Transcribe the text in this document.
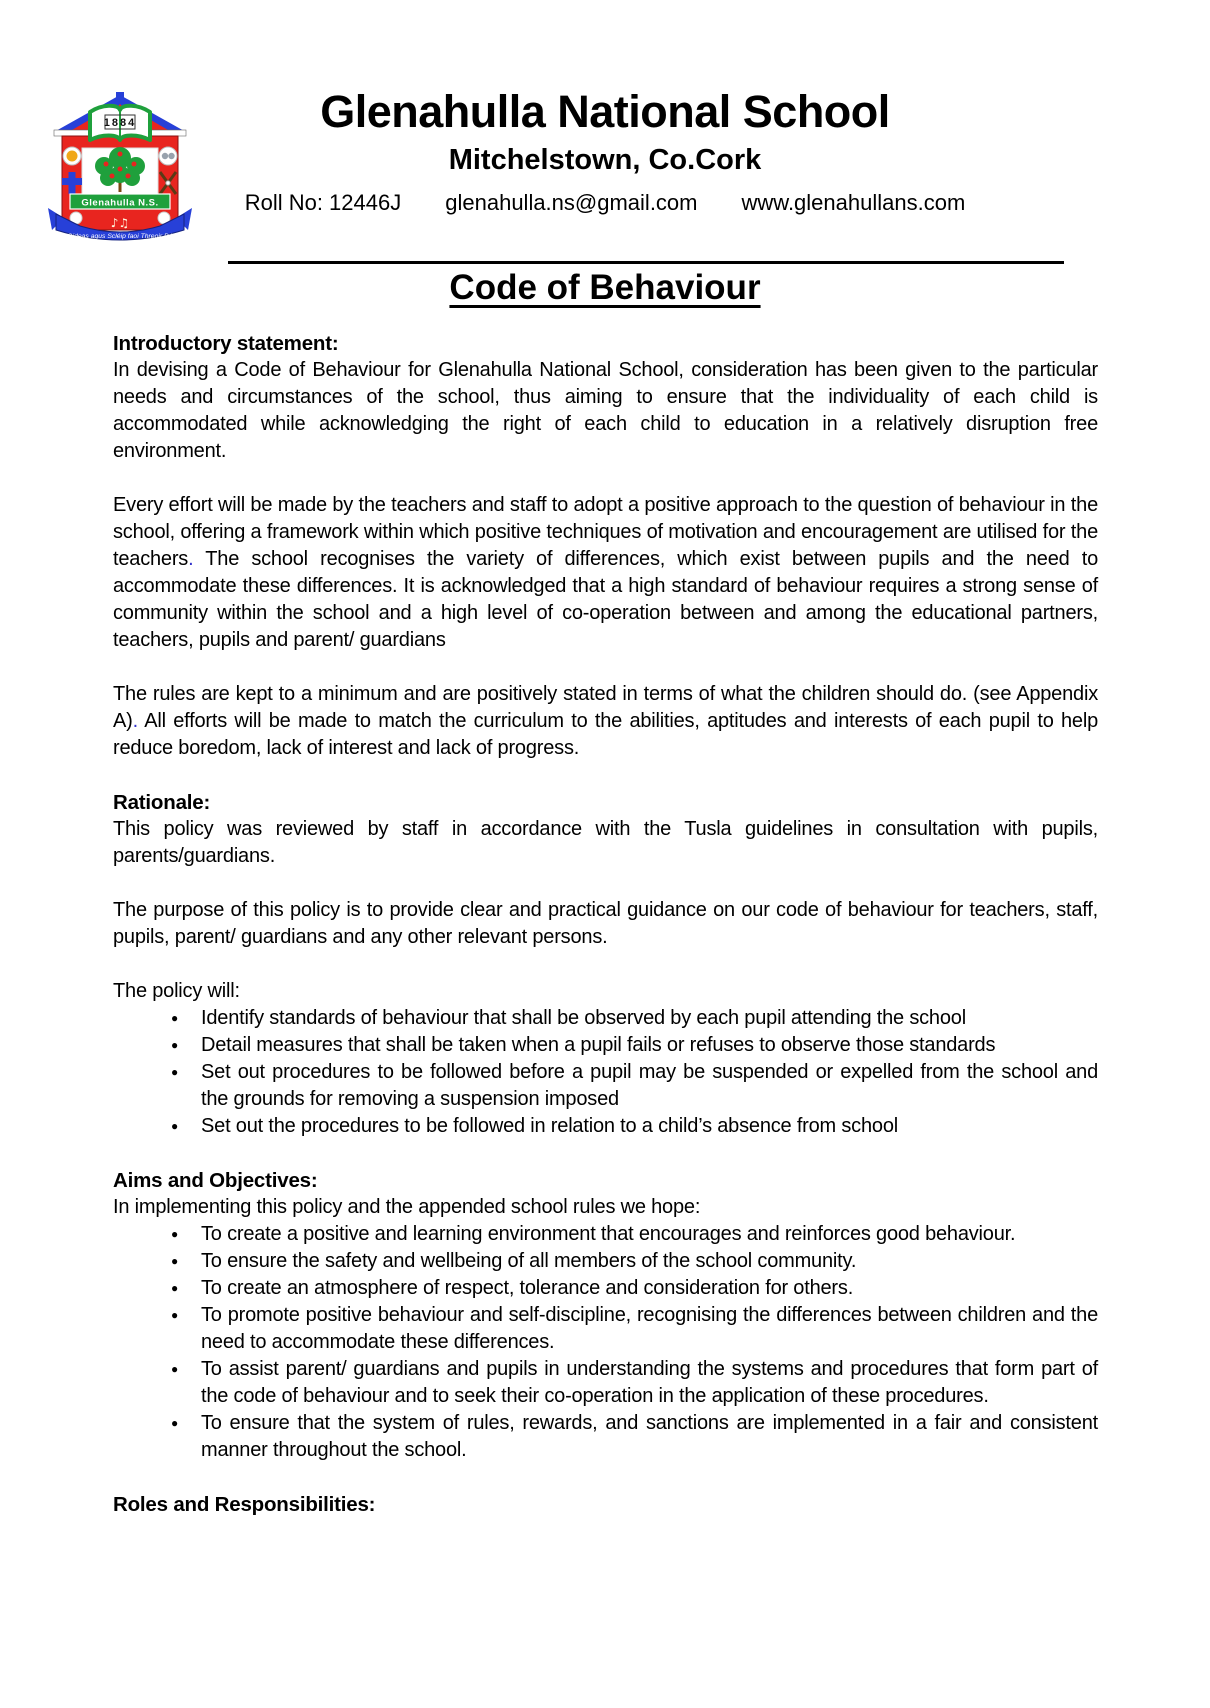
1884
Glenahulla N.S.
♪♫
Oideas agus Scléip faoi Threoir Dé
Glenahulla National School
Mitchelstown, Co.Cork
Roll No: 12446J glenahulla.ns@gmail.com www.glenahullans.com
Code of Behaviour
Introductory statement:

In devising a Code of Behaviour for Glenahulla National School, consideration has been given to the particular needs and circumstances of the school, thus aiming to ensure that the individuality of each child is accommodated while acknowledging the right of each child to education in a relatively disruption free environment.

Every effort will be made by the teachers and staff to adopt a positive approach to the question of behaviour in the school, offering a framework within which positive techniques of motivation and encouragement are utilised for the teachers. The school recognises the variety of differences, which exist between pupils and the need to accommodate these differences. It is acknowledged that a high standard of behaviour requires a strong sense of community within the school and a high level of co-operation between and among the educational partners, teachers, pupils and parent/ guardians

The rules are kept to a minimum and are positively stated in terms of what the children should do. (see Appendix A). All efforts will be made to match the curriculum to the abilities, aptitudes and interests of each pupil to help reduce boredom, lack of interest and lack of progress.

Rationale:

This policy was reviewed by staff in accordance with the Tusla guidelines in consultation with pupils, parents/guardians.

The purpose of this policy is to provide clear and practical guidance on our code of behaviour for teachers, staff, pupils, parent/ guardians and any other relevant persons.

The policy will:

● Identify standards of behaviour that shall be observed by each pupil attending the school
● Detail measures that shall be taken when a pupil fails or refuses to observe those standards
● Set out procedures to be followed before a pupil may be suspended or expelled from the school and the grounds for removing a suspension imposed
● Set out the procedures to be followed in relation to a child’s absence from school
Aims and Objectives:

In implementing this policy and the appended school rules we hope:

● To create a positive and learning environment that encourages and reinforces good behaviour.
● To ensure the safety and wellbeing of all members of the school community.
● To create an atmosphere of respect, tolerance and consideration for others.
● To promote positive behaviour and self-discipline, recognising the differences between children and the need to accommodate these differences.
● To assist parent/ guardians and pupils in understanding the systems and procedures that form part of the code of behaviour and to seek their co-operation in the application of these procedures.
● To ensure that the system of rules, rewards, and sanctions are implemented in a fair and consistent manner throughout the school.
Roles and Responsibilities:
